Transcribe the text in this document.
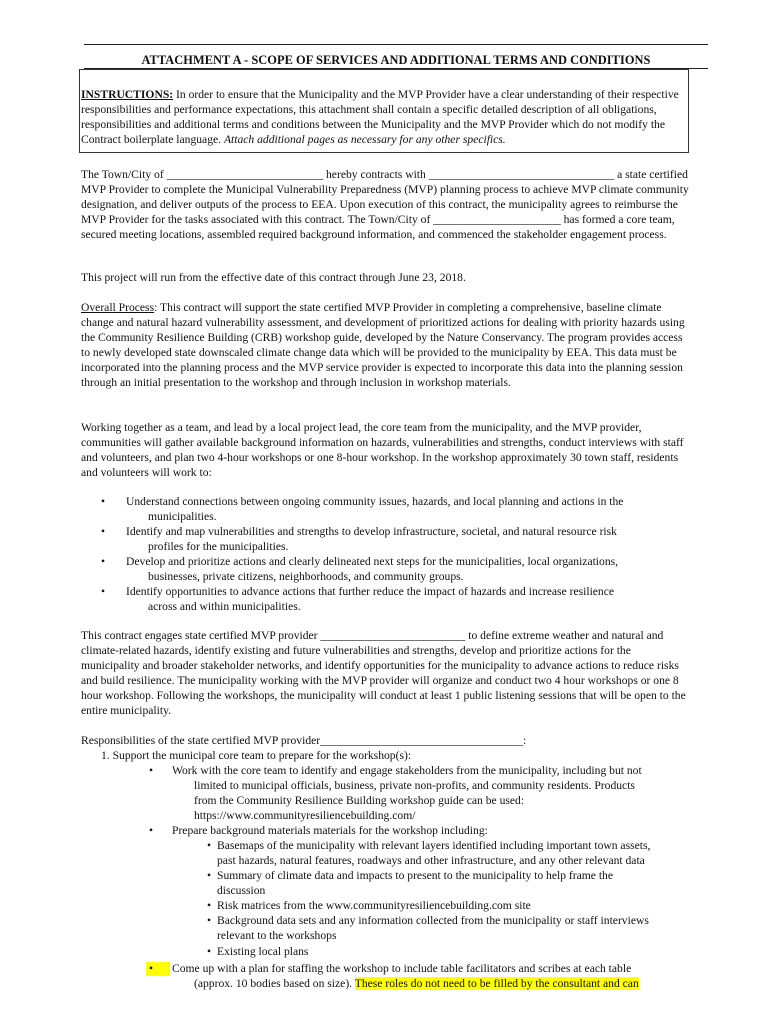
ATTACHMENT A - SCOPE OF SERVICES AND ADDITIONAL TERMS AND CONDITIONS

INSTRUCTIONS: In order to ensure that the Municipality and the MVP Provider have a clear understanding of their respective responsibilities and performance expectations, this attachment shall contain a specific detailed description of all obligations, responsibilities and additional terms and conditions between the Municipality and the MVP Provider which do not modify the Contract boilerplate language. Attach additional pages as necessary for any other specifics.

The Town/City of ___________________________ hereby contracts with ________________________________ a state certified MVP Provider to complete the Municipal Vulnerability Preparedness (MVP) planning process to achieve MVP climate community designation, and deliver outputs of the process to EEA. Upon execution of this contract, the municipality agrees to reimburse the MVP Provider for the tasks associated with this contract. The Town/City of ______________________ has formed a core team, secured meeting locations, assembled required background information, and commenced the stakeholder engagement process.

This project will run from the effective date of this contract through June 23, 2018.

Overall Process: This contract will support the state certified MVP Provider in completing a comprehensive, baseline climate change and natural hazard vulnerability assessment, and development of prioritized actions for dealing with priority hazards using the Community Resilience Building (CRB) workshop guide, developed by the Nature Conservancy. The program provides access to newly developed state downscaled climate change data which will be provided to the municipality by EEA. This data must be incorporated into the planning process and the MVP service provider is expected to incorporate this data into the planning session through an initial presentation to the workshop and through inclusion in workshop materials.

Working together as a team, and lead by a local project lead, the core team from the municipality, and the MVP provider, communities will gather available background information on hazards, vulnerabilities and strengths, conduct interviews with staff and volunteers, and plan two 4-hour workshops or one 8-hour workshop. In the workshop approximately 30 town staff, residents and volunteers will work to:

• Understand connections between ongoing community issues, hazards, and local planning and actions in the

municipalities.

• Identify and map vulnerabilities and strengths to develop infrastructure, societal, and natural resource risk

profiles for the municipalities.

• Develop and prioritize actions and clearly delineated next steps for the municipalities, local organizations,

businesses, private citizens, neighborhoods, and community groups.

• Identify opportunities to advance actions that further reduce the impact of hazards and increase resilience

across and within municipalities.

This contract engages state certified MVP provider _________________________ to define extreme weather and natural and climate-related hazards, identify existing and future vulnerabilities and strengths, develop and prioritize actions for the municipality and broader stakeholder networks, and identify opportunities for the municipality to advance actions to reduce risks and build resilience. The municipality working with the MVP provider will organize and conduct two 4 hour workshops or one 8 hour workshop. Following the workshops, the municipality will conduct at least 1 public listening sessions that will be open to the entire municipality.

Responsibilities of the state certified MVP provider___________________________________:

1. Support the municipal core team to prepare for the workshop(s):

• Work with the core team to identify and engage stakeholders from the municipality, including but not

limited to municipal officials, business, private non-profits, and community residents. Products

from the Community Resilience Building workshop guide can be used:

https://www.communityresiliencebuilding.com/

• Prepare background materials materials for the workshop including:

• Basemaps of the municipality with relevant layers identified including important town assets,

past hazards, natural features, roadways and other infrastructure, and any other relevant data

• Summary of climate data and impacts to present to the municipality to help frame the

discussion

• Risk matrices from the www.communityresiliencebuilding.com site

• Background data sets and any information collected from the municipality or staff interviews

relevant to the workshops

• Existing local plans

• Come up with a plan for staffing the workshop to include table facilitators and scribes at each table

(approx. 10 bodies based on size). These roles do not need to be filled by the consultant and can
